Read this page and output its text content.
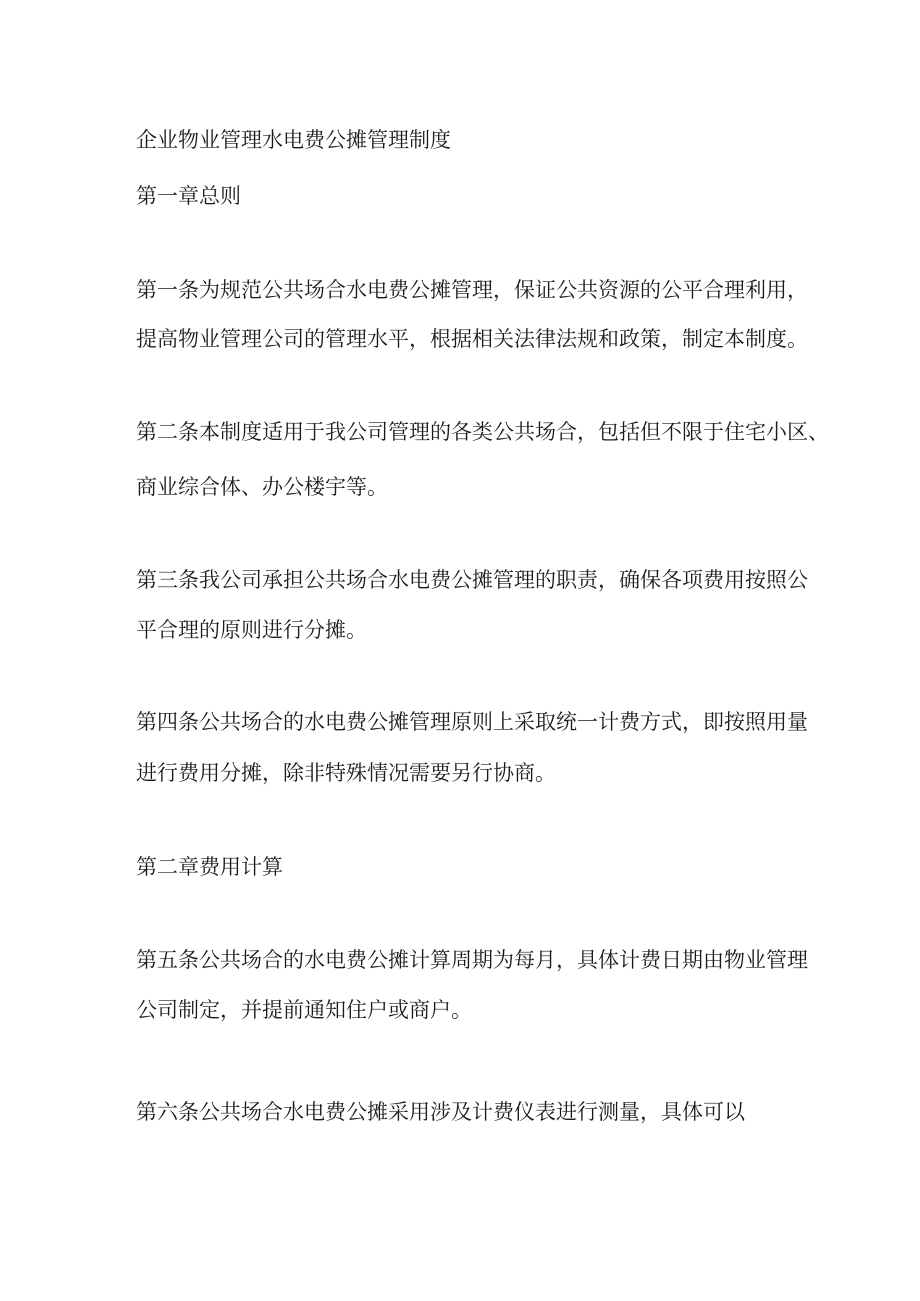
企业物业管理水电费公摊管理制度
第一章总则
第一条为规范公共场合水电费公摊管理，保证公共资源的公平合理利用，
提高物业管理公司的管理水平，根据相关法律法规和政策，制定本制度。
第二条本制度适用于我公司管理的各类公共场合，包括但不限于住宅小区、
商业综合体、办公楼宇等。
第三条我公司承担公共场合水电费公摊管理的职责，确保各项费用按照公
平合理的原则进行分摊。
第四条公共场合的水电费公摊管理原则上采取统一计费方式，即按照用量
进行费用分摊，除非特殊情况需要另行协商。
第二章费用计算
第五条公共场合的水电费公摊计算周期为每月，具体计费日期由物业管理
公司制定，并提前通知住户或商户。
第六条公共场合水电费公摊采用涉及计费仪表进行测量，具体可以
